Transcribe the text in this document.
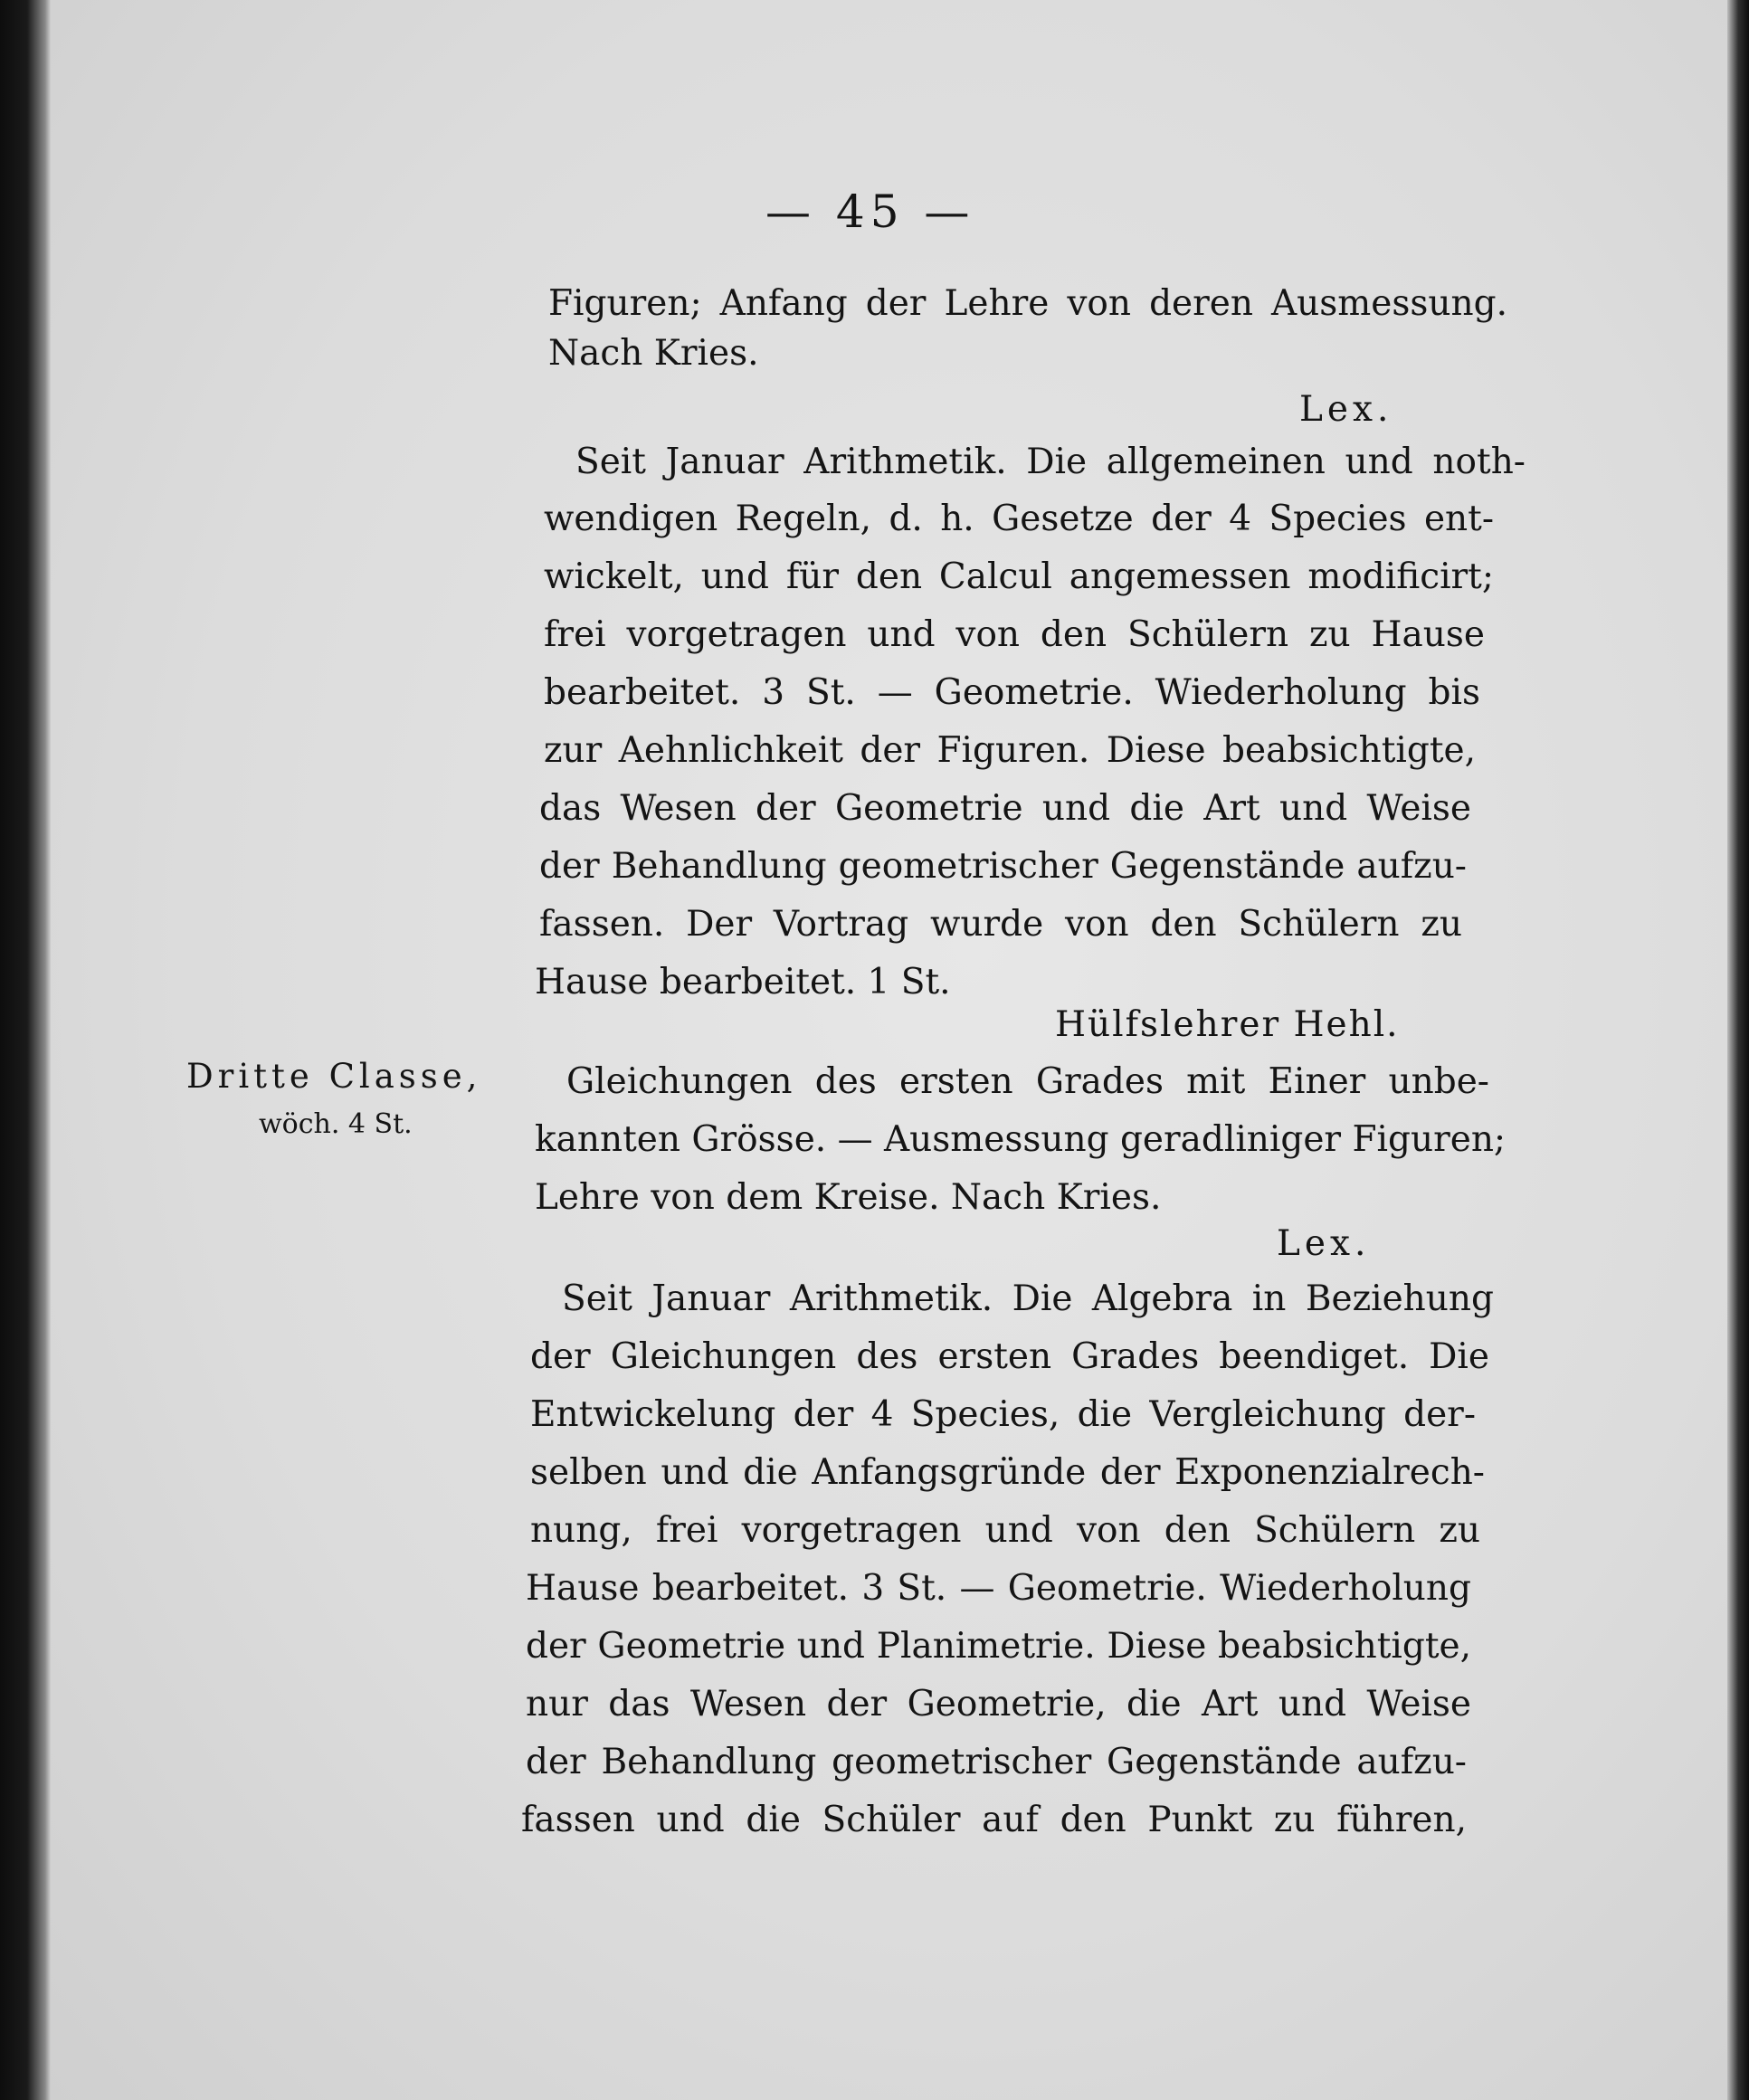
— 45 —
Figuren; Anfang der Lehre von deren Ausmessung.
Nach Kries.
Lex.
Seit Januar Arithmetik. Die allgemeinen und noth-
wendigen Regeln, d. h. Gesetze der 4 Species ent-
wickelt, und für den Calcul angemessen modificirt;
frei vorgetragen und von den Schülern zu Hause
bearbeitet. 3 St. — Geometrie. Wiederholung bis
zur Aehnlichkeit der Figuren. Diese beabsichtigte,
das Wesen der Geometrie und die Art und Weise
der Behandlung geometrischer Gegenstände aufzu-
fassen. Der Vortrag wurde von den Schülern zu
Hause bearbeitet. 1 St.
Hülfslehrer Hehl.
Dritte Classe,
wöch. 4 St.
Gleichungen des ersten Grades mit Einer unbe-
kannten Grösse. — Ausmessung geradliniger Figuren;
Lehre von dem Kreise. Nach Kries.
Lex.
Seit Januar Arithmetik. Die Algebra in Beziehung
der Gleichungen des ersten Grades beendiget. Die
Entwickelung der 4 Species, die Vergleichung der-
selben und die Anfangsgründe der Exponenzialrech-
nung, frei vorgetragen und von den Schülern zu
Hause bearbeitet. 3 St. — Geometrie. Wiederholung
der Geometrie und Planimetrie. Diese beabsichtigte,
nur das Wesen der Geometrie, die Art und Weise
der Behandlung geometrischer Gegenstände aufzu-
fassen und die Schüler auf den Punkt zu führen,
